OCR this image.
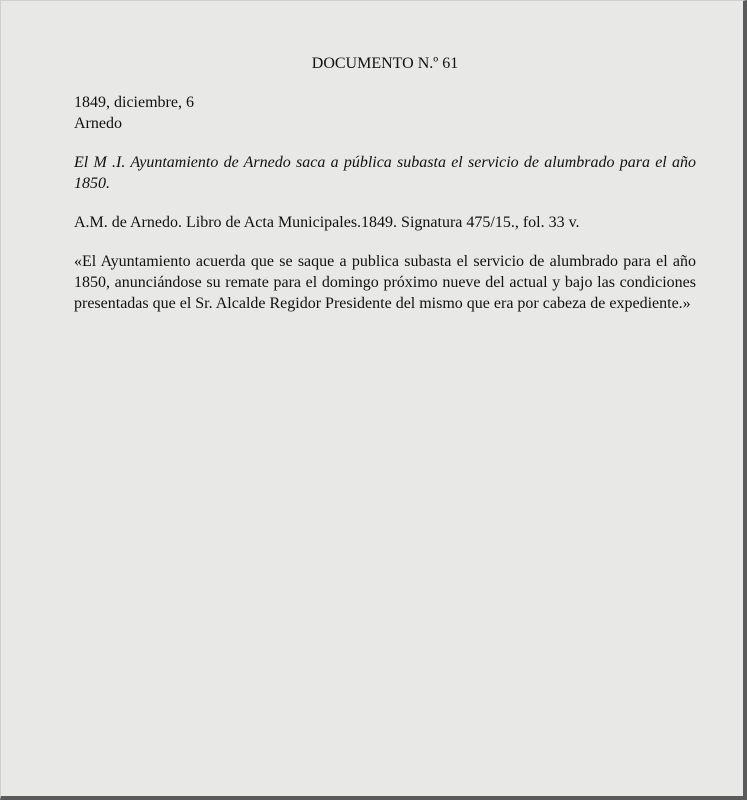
DOCUMENTO N.º 61

1849, diciembre, 6

Arnedo

El M .I. Ayuntamiento de Arnedo saca a pública subasta el servicio de alumbrado para el año 1850.

A.M. de Arnedo. Libro de Acta Municipales.1849. Signatura 475/15., fol. 33 v.

«El Ayuntamiento acuerda que se saque a publica subasta el servicio de alumbrado para el año 1850, anunciándose su remate para el domingo próximo nueve del actual y bajo las condiciones presentadas que el Sr. Alcalde Regidor Presidente del mismo que era por cabeza de expediente.»
